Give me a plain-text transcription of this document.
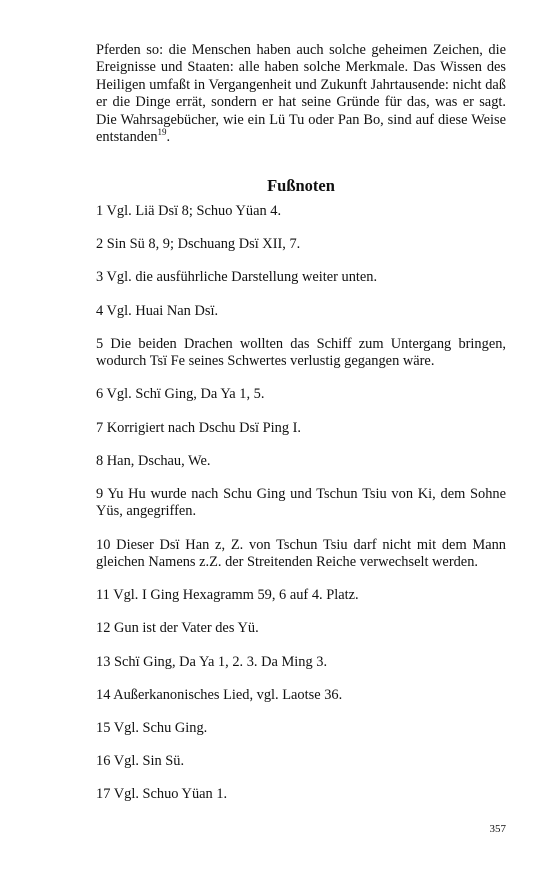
Pferden so: die Menschen haben auch solche geheimen Zeichen, die Ereignisse und Staaten: alle haben solche Merkmale. Das Wissen des Heiligen umfaßt in Vergangenheit und Zukunft Jahrtausende: nicht daß er die Dinge errät, sondern er hat seine Gründe für das, was er sagt. Die Wahrsagebücher, wie ein Lü Tu oder Pan Bo, sind auf diese Weise entstanden$^{19}$.

Fußnoten
1 Vgl. Liä Dsï 8; Schuo Yüan 4.
2 Sin Sü 8, 9; Dschuang Dsï XII, 7.
3 Vgl. die ausführliche Darstellung weiter unten.
4 Vgl. Huai Nan Dsï.
5 Die beiden Drachen wollten das Schiff zum Untergang bringen, wodurch Tsï Fe seines Schwertes verlustig gegangen wäre.
6 Vgl. Schï Ging, Da Ya 1, 5.
7 Korrigiert nach Dschu Dsï Ping I.
8 Han, Dschau, We.
9 Yu Hu wurde nach Schu Ging und Tschun Tsiu von Ki, dem Sohne Yüs, angegriffen.
10 Dieser Dsï Han z, Z. von Tschun Tsiu darf nicht mit dem Mann gleichen Namens z.Z. der Streitenden Reiche verwechselt werden.
11 Vgl. I Ging Hexagramm 59, 6 auf 4. Platz.
12 Gun ist der Vater des Yü.
13 Schï Ging, Da Ya 1, 2. 3. Da Ming 3.
14 Außerkanonisches Lied, vgl. Laotse 36.
15 Vgl. Schu Ging.
16 Vgl. Sin Sü.
17 Vgl. Schuo Yüan 1.
357
